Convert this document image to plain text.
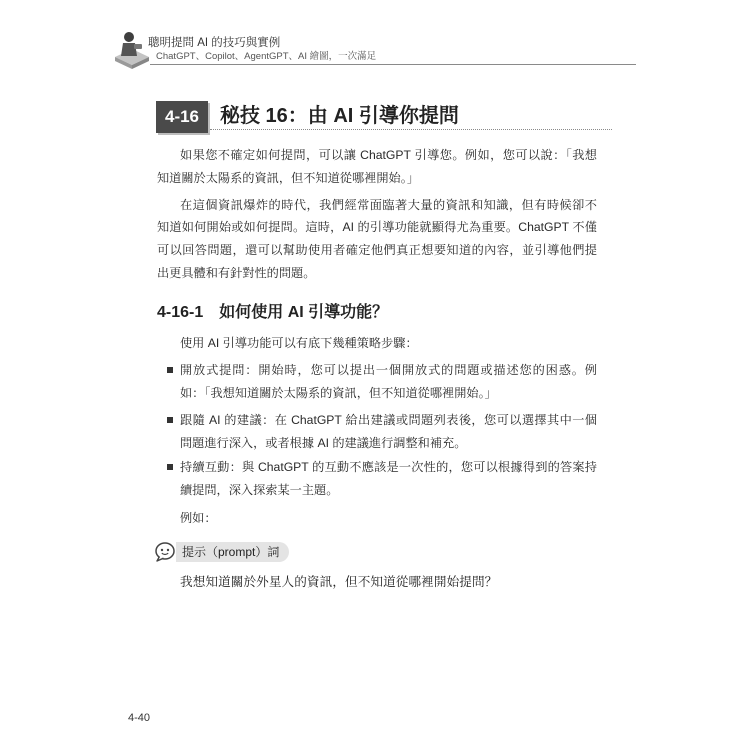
聰明提問 AI 的技巧與實例
ChatGPT、Copilot、AgentGPT、AI 繪圖，一次滿足
4-16	秘技 16：由 AI 引導你提問
如果您不確定如何提問，可以讓 ChatGPT 引導您。例如，您可以說：「我想
知道關於太陽系的資訊，但不知道從哪裡開始。」
在這個資訊爆炸的時代，我們經常面臨著大量的資訊和知識，但有時候卻不
知道如何開始或如何提問。這時，AI 的引導功能就顯得尤為重要。ChatGPT 不僅
可以回答問題，還可以幫助使用者確定他們真正想要知道的內容，並引導他們提
出更具體和有針對性的問題。
4-16-1 如何使用 AI 引導功能？
使用 AI 引導功能可以有底下幾種策略步驟：
開放式提問：開始時，您可以提出一個開放式的問題或描述您的困惑。例
如：「我想知道關於太陽系的資訊，但不知道從哪裡開始。」
跟隨 AI 的建議：在 ChatGPT 給出建議或問題列表後，您可以選擇其中一個
問題進行深入，或者根據 AI 的建議進行調整和補充。
持續互動：與 ChatGPT 的互動不應該是一次性的，您可以根據得到的答案持
續提問，深入探索某一主題。
例如：
提示（prompt）詞
我想知道關於外星人的資訊，但不知道從哪裡開始提問？
4-40
